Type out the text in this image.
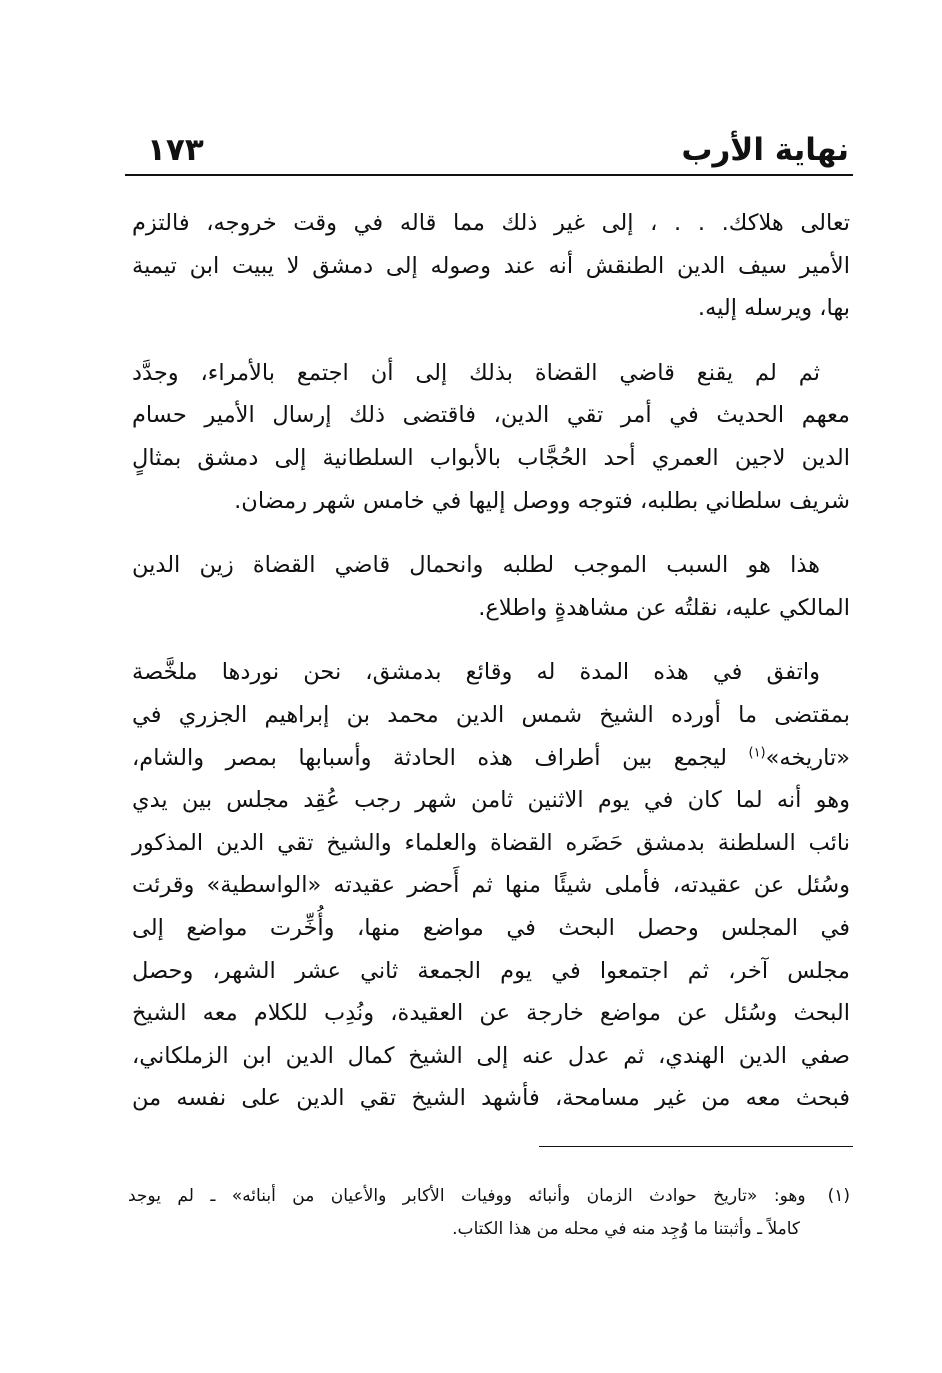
نهاية الأرب
١٧٣

تعالى هلاكك. . . ، إلى غير ذلك مما قاله في وقت خروجه، فالتزم
الأمير سيف الدين الطنقش أنه عند وصوله إلى دمشق لا يبيت ابن تيمية
بها، ويرسله إليه.

ثم لم يقنع قاضي القضاة بذلك إلى أن اجتمع بالأمراء، وجدَّد
معهم الحديث في أمر تقي الدين، فاقتضى ذلك إرسال الأمير حسام
الدين لاجين العمري أحد الحُجَّاب بالأبواب السلطانية إلى دمشق بمثالٍ
شريف سلطاني بطلبه، فتوجه ووصل إليها في خامس شهر رمضان.

هذا هو السبب الموجب لطلبه وانحمال قاضي القضاة زين الدين
المالكي عليه، نقلتُه عن مشاهدةٍ واطلاع.

واتفق في هذه المدة له وقائع بدمشق، نحن نوردها ملخَّصة
بمقتضى ما أورده الشيخ شمس الدين محمد بن إبراهيم الجزري في
«تاريخه»$^{(١)}$ ليجمع بين أطراف هذه الحادثة وأسبابها بمصر والشام،
وهو أنه لما كان في يوم الاثنين ثامن شهر رجب عُقِد مجلس بين يدي
نائب السلطنة بدمشق حَضَره القضاة والعلماء والشيخ تقي الدين المذكور
وسُئل عن عقيدته، فأملى شيئًا منها ثم أَحضر عقيدته «الواسطية» وقرئت
في المجلس وحصل البحث في مواضع منها، وأُخِّرت مواضع إلى
مجلس آخر، ثم اجتمعوا في يوم الجمعة ثاني عشر الشهر، وحصل
البحث وسُئل عن مواضع خارجة عن العقيدة، ونُدِب للكلام معه الشيخ
صفي الدين الهندي، ثم عدل عنه إلى الشيخ كمال الدين ابن الزملكاني،
فبحث معه من غير مسامحة، فأشهد الشيخ تقي الدين على نفسه من

(١)وهو: «تاريخ حوادث الزمان وأنبائه ووفيات الأكابر والأعيان من أبنائه» ـ لم يوجد
كاملاً ـ وأثبتنا ما وُجِد منه في محله من هذا الكتاب.
